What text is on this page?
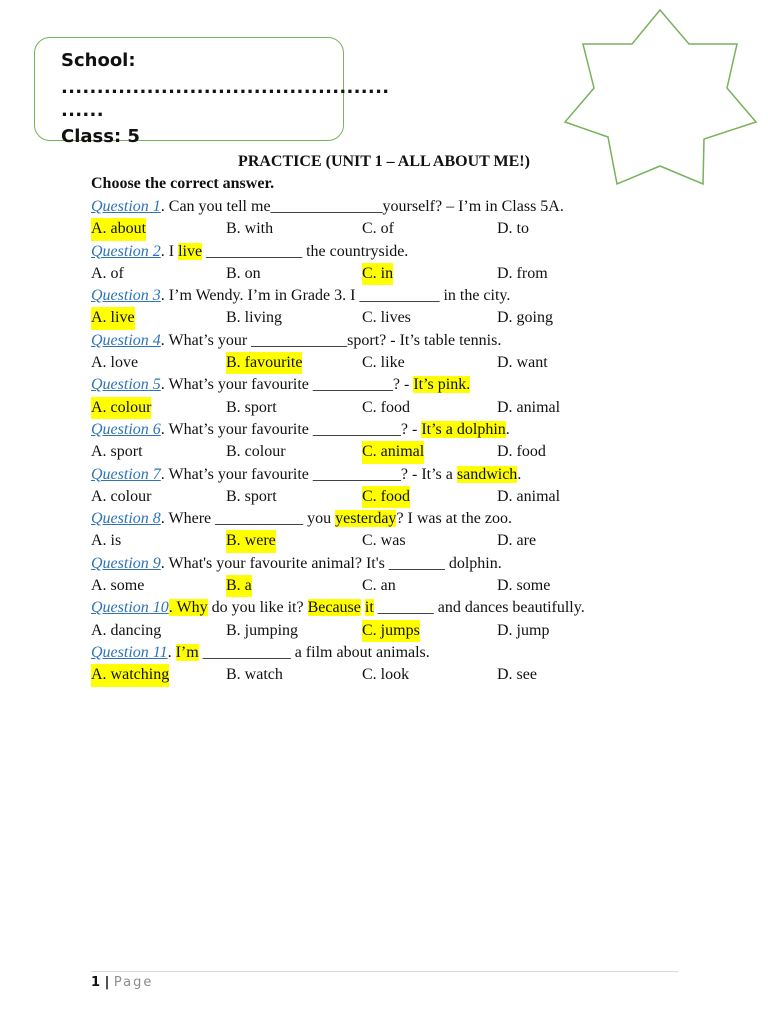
School:
..............................................
......
Class: 5
PRACTICE (UNIT 1 – ALL ABOUT ME!)
Choose the correct answer.
Question 1. Can you tell me______________yourself? – I’m in Class 5A.
A. about	B. with	C. of	D. to
Question 2. I live ____________ the countryside.
A. of	B. on	C. in	D. from
Question 3. I’m Wendy. I’m in Grade 3. I __________ in the city.
A. live	B. living	C. lives	D. going
Question 4. What’s your ____________sport? - It’s table tennis.
A. love	B. favourite	C. like	D. want
Question 5. What’s your favourite __________? - It’s pink.
A. colour	B. sport	C. food	D. animal
Question 6. What’s your favourite ___________? - It’s a dolphin.
A. sport	B. colour	C. animal	D. food
Question 7. What’s your favourite ___________? - It’s a sandwich.
A. colour	B. sport	C. food	D. animal
Question 8. Where ___________ you yesterday? I was at the zoo.
A. is	B. were	C. was	D. are
Question 9. What's your favourite animal? It's _______ dolphin.
A. some	B. a	C. an	D. some
Question 10. Why do you like it? Because it _______ and dances beautifully.
A. dancing	B. jumping	C. jumps	D. jump
Question 11. I’m ___________ a film about animals.
A. watching	B. watch	C. look	D. see
1 | Page
